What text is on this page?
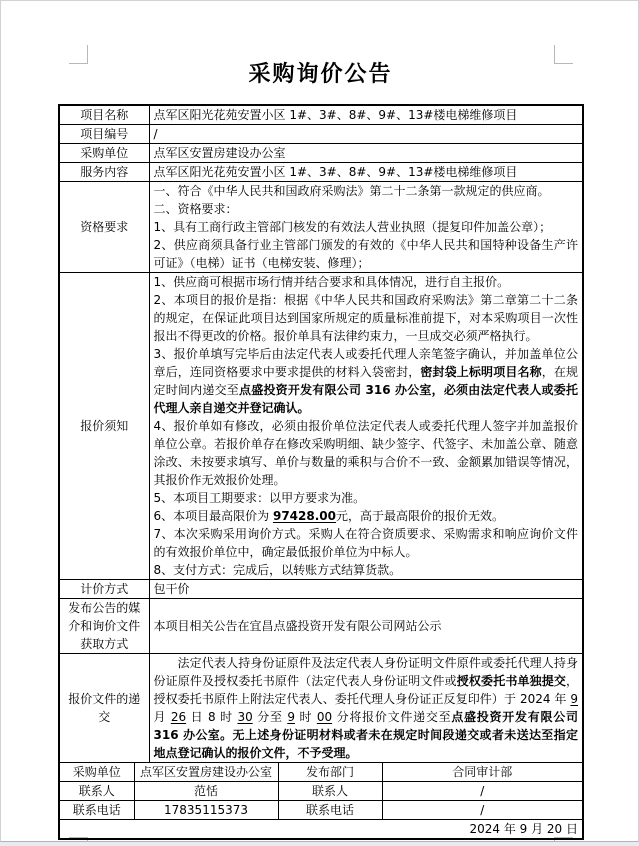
采购询价公告
项目名称		点军区阳光花苑安置小区 1#、3#、8#、9#、13#楼电梯维修项目		
项目编号		/		
采购单位		点军区安置房建设办公室		
服务内容		点军区阳光花苑安置小区 1#、3#、8#、9#、13#楼电梯维修项目		
资格要求		一、符合《中华人民共和国政府采购法》第二十二条第一款规定的供应商。
二、资格要求：
1、具有工商行政主管部门核发的有效法人营业执照（提复印件加盖公章）；
2、供应商须具备行业主管部门颁发的有效的《中华人民共和国特种设备生产许可证》（电梯）证书（电梯安装、修理）；		

报价须知	
1、供应商可根据市场行情并结合要求和具体情况，进行自主报价。
2、本项目的报价是指：根据《中华人民共和国政府采购法》第二章第二十二条的规定，在保证此项目达到国家所规定的质量标准前提下，对本采购项目一次性报出不得更改的价格。报价单具有法律约束力，一旦成交必须严格执行。
3、报价单填写完毕后由法定代表人或委托代理人亲笔签字确认，并加盖单位公章后，连同资格要求中要求提供的材料入袋密封，密封袋上标明项目名称，在规定时间内递交至点盛投资开发有限公司 316 办公室，必须由法定代表人或委托代理人亲自递交并登记确认。
4、报价单如有修改，必须由报价单位法定代表人或委托代理人签字并加盖报价单位公章。若报价单存在修改采购明细、缺少签字、代签字、未加盖公章、随意涂改、未按要求填写、单价与数量的乘积与合价不一致、金额累加错误等情况，其报价作无效报价处理。
5、本项目工期要求：以甲方要求为准。
6、本项目最高限价为 97428.00元，高于最高限价的报价无效。
7、本次采购采用询价方式。采购人在符合资质要求、采购需求和响应询价文件的有效报价单位中，确定最低报价单位为中标人。
8、支付方式：完成后，以转账方式结算货款。

计价方式		包干价		
发布公告的媒介和询价文件获取方式		本项目相关公告在宜昌点盛投资开发有限公司网站公示		
报价文件的递交		法定代表人持身份证原件及法定代表人身份证明文件原件或委托代理人持身份证原件及授权委托书原件（法定代表人身份证明文件或授权委托书单独提交，授权委托书原件上附法定代表人、委托代理人身份证正反复印件）于 2024 年 9 月 26 日 8 时 30 分至 9 时 00 分将报价文件递交至点盛投资开发有限公司 316 办公室。无上述身份证明材料或者未在规定时间段递交或者未送达至指定地点登记确认的报价文件，不予受理。		

采购单位	点军区安置房建设办公室		发布部门	合同审计部
联系人	范恬		联系人	/
联系电话	17835115373		联系电话	/
2024 年 9 月 20 日				
